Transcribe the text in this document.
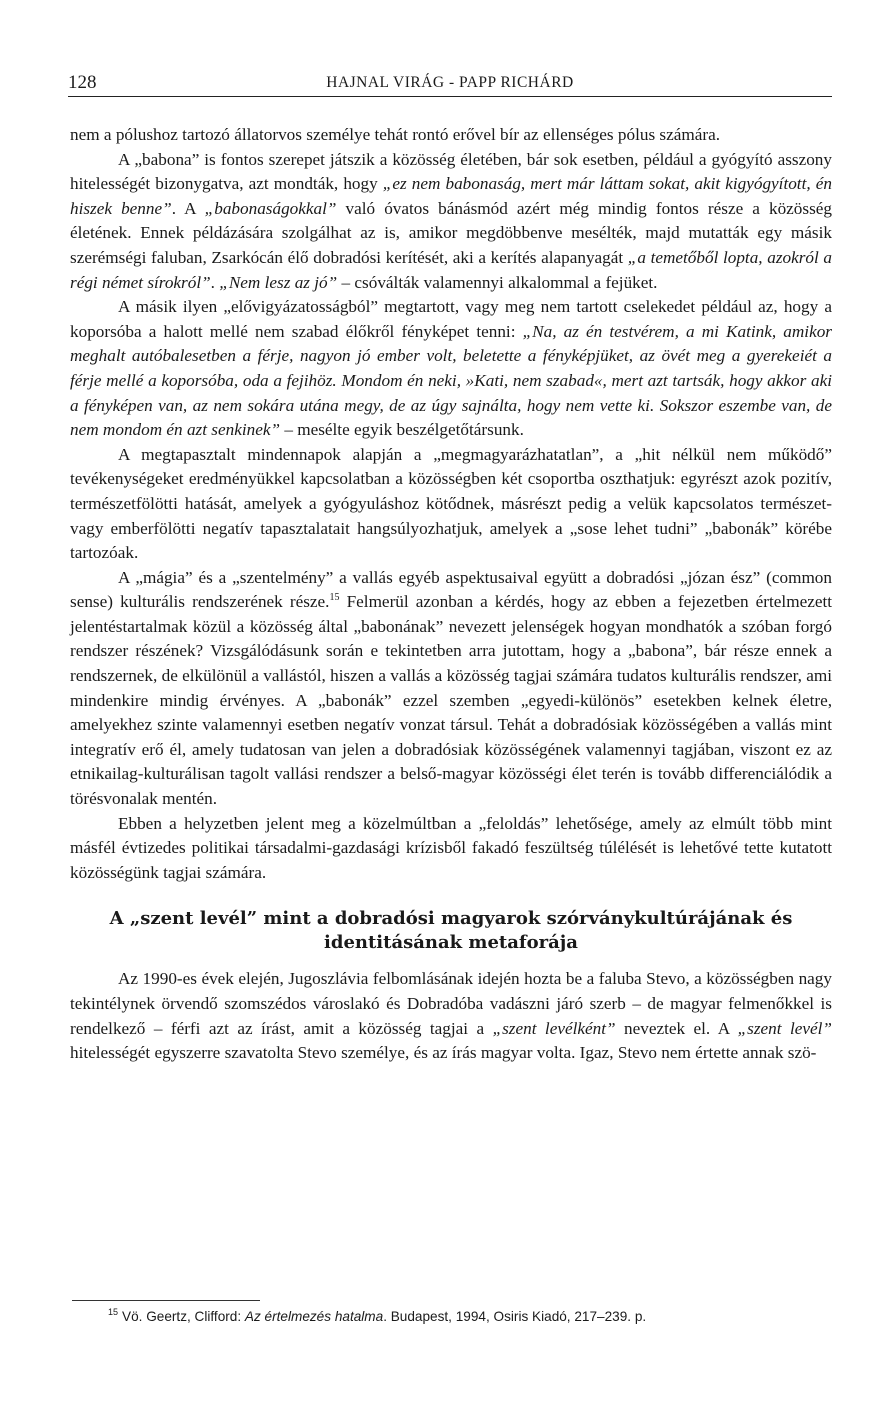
128	HAJNAL VIRÁG - PAPP RICHÁRD

nem a pólushoz tartozó állatorvos személye tehát rontó erővel bír az ellenséges pólus számára.

A „babona” is fontos szerepet játszik a közösség életében, bár sok esetben, például a gyógyító asszony hitelességét bizonygatva, azt mondták, hogy „ez nem babonaság, mert már láttam sokat, akit kigyógyított, én hiszek benne”. A „babonaságokkal” való óvatos bánásmód azért még mindig fontos része a közösség életének. Ennek példázására szolgálhat az is, amikor megdöbbenve mesélték, majd mutatták egy másik szerémségi faluban, Zsarkócán élő dobradósi kerítését, aki a kerítés alapanyagát „a temetőből lopta, azokról a régi német sírokról”. „Nem lesz az jó” – csóválták valamennyi alkalommal a fejüket.

A másik ilyen „elővigyázatosságból” megtartott, vagy meg nem tartott cselekedet például az, hogy a koporsóba a halott mellé nem szabad élőkről fényképet tenni: „Na, az én testvérem, a mi Katink, amikor meghalt autóbalesetben a férje, nagyon jó ember volt, beletette a fényképjüket, az övét meg a gyerekeiét a férje mellé a koporsóba, oda a fejihöz. Mondom én neki, »Kati, nem szabad«, mert azt tartsák, hogy akkor aki a fényképen van, az nem sokára utána megy, de az úgy sajnálta, hogy nem vette ki. Sokszor eszembe van, de nem mondom én azt senkinek” – mesélte egyik beszélgetőtársunk.

A megtapasztalt mindennapok alapján a „megmagyarázhatatlan”, a „hit nélkül nem működő” tevékenységeket eredményükkel kapcsolatban a közösségben két csoportba oszthatjuk: egyrészt azok pozitív, természetfölötti hatását, amelyek a gyógyuláshoz kötődnek, másrészt pedig a velük kapcsolatos természet- vagy emberfölötti negatív tapasztalatait hangsúlyozhatjuk, amelyek a „sose lehet tudni” „babonák” körébe tartozóak.

A „mágia” és a „szentelmény” a vallás egyéb aspektusaival együtt a dobradósi „józan ész” (common sense) kulturális rendszerének része.$^{15}$ Felmerül azonban a kérdés, hogy az ebben a fejezetben értelmezett jelentéstartalmak közül a közösség által „babonának” nevezett jelenségek hogyan mondhatók a szóban forgó rendszer részének? Vizsgálódásunk során e tekintetben arra jutottam, hogy a „babona”, bár része ennek a rendszernek, de elkülönül a vallástól, hiszen a vallás a közösség tagjai számára tudatos kulturális rendszer, ami mindenkire mindig érvényes. A „babonák” ezzel szemben „egyedi-különös” esetekben kelnek életre, amelyekhez szinte valamennyi esetben negatív vonzat társul. Tehát a dobradósiak közösségében a vallás mint integratív erő él, amely tudatosan van jelen a dobradósiak közösségének valamennyi tagjában, viszont ez az etnikailag-kulturálisan tagolt vallási rendszer a belső-magyar közösségi élet terén is tovább differenciálódik a törésvonalak mentén.

Ebben a helyzetben jelent meg a közelmúltban a „feloldás” lehetősége, amely az elmúlt több mint másfél évtizedes politikai társadalmi-gazdasági krízisből fakadó feszültség túlélését is lehetővé tette kutatott közösségünk tagjai számára.

A „szent levél” mint a dobradósi magyarok szórványkultúrájának és
identitásának metaforája

Az 1990-es évek elején, Jugoszlávia felbomlásának idején hozta be a faluba Stevo, a közösségben nagy tekintélynek örvendő szomszédos városlakó és Dobradóba vadászni járó szerb – de magyar felmenőkkel is rendelkező – férfi azt az írást, amit a közösség tagjai a „szent levélként” neveztek el. A „szent levél” hitelességét egyszerre szavatolta Stevo személye, és az írás magyar volta. Igaz, Stevo nem értette annak szö-

$^{15}$ Vö. Geertz, Clifford: Az értelmezés hatalma. Budapest, 1994, Osiris Kiadó, 217–239. p.
